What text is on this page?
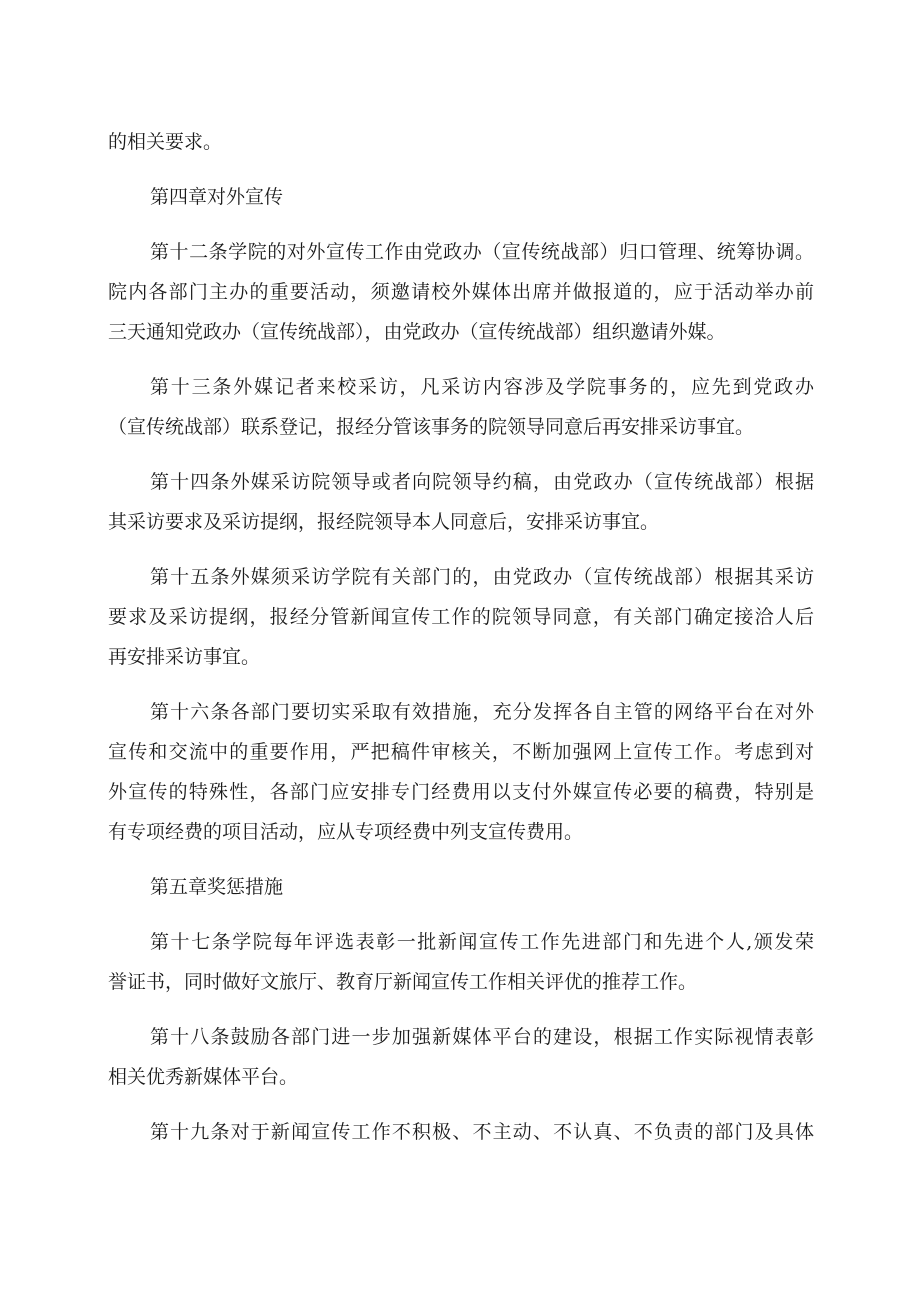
的相关要求。
第四章对外宣传
第十二条学院的对外宣传工作由党政办（宣传统战部）归口管理、统筹协调。
院内各部门主办的重要活动，须邀请校外媒体出席并做报道的，应于活动举办前
三天通知党政办（宣传统战部），由党政办（宣传统战部）组织邀请外媒。
第十三条外媒记者来校采访，凡采访内容涉及学院事务的，应先到党政办
（宣传统战部）联系登记，报经分管该事务的院领导同意后再安排采访事宜。
第十四条外媒采访院领导或者向院领导约稿，由党政办（宣传统战部）根据
其采访要求及采访提纲，报经院领导本人同意后，安排采访事宜。
第十五条外媒须采访学院有关部门的，由党政办（宣传统战部）根据其采访
要求及采访提纲，报经分管新闻宣传工作的院领导同意，有关部门确定接洽人后
再安排采访事宜。
第十六条各部门要切实采取有效措施，充分发挥各自主管的网络平台在对外
宣传和交流中的重要作用，严把稿件审核关，不断加强网上宣传工作。考虑到对
外宣传的特殊性，各部门应安排专门经费用以支付外媒宣传必要的稿费，特别是
有专项经费的项目活动，应从专项经费中列支宣传费用。
第五章奖惩措施
第十七条学院每年评选表彰一批新闻宣传工作先进部门和先进个人,颁发荣
誉证书，同时做好文旅厅、教育厅新闻宣传工作相关评优的推荐工作。
第十八条鼓励各部门进一步加强新媒体平台的建设，根据工作实际视情表彰
相关优秀新媒体平台。
第十九条对于新闻宣传工作不积极、不主动、不认真、不负责的部门及具体
